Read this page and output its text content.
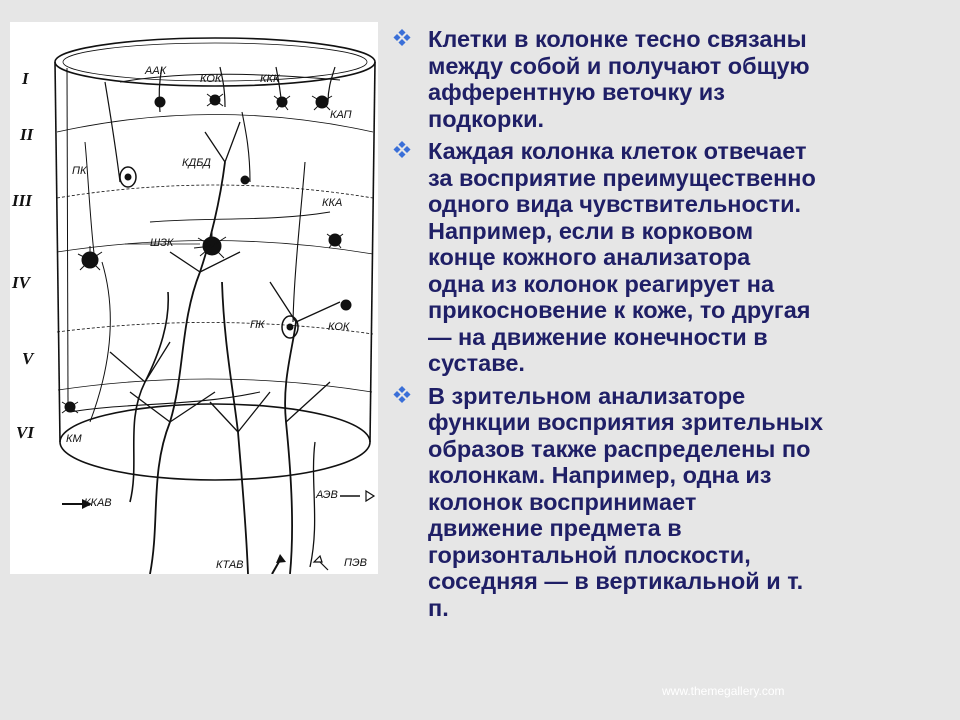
I
II
III
IV
V
VI
ААК
КОК	ККК
КАП
КДБД
ПК
ККА
ШЗК
ПК	КОК
КМ
ККАВ
АЭВ
КТАВ	ПЭВ
Клетки в колонке тесно связаны
между собой и получают общую
афферентную веточку из
подкорки.
Каждая колонка клеток отвечает
за восприятие преимущественно
одного вида чувствительности.
Например, если в корковом
конце кожного анализатора
одна из колонок реагирует на
прикосновение к коже, то другая
— на движение конечности в
суставе.
В зрительном анализаторе
функции восприятия зрительных
образов также распределены по
колонкам. Например, одна из
колонок воспринимает
движение предмета в
горизонтальной плоскости,
соседняя — в вертикальной и т.
п.
www.themegallery.com
